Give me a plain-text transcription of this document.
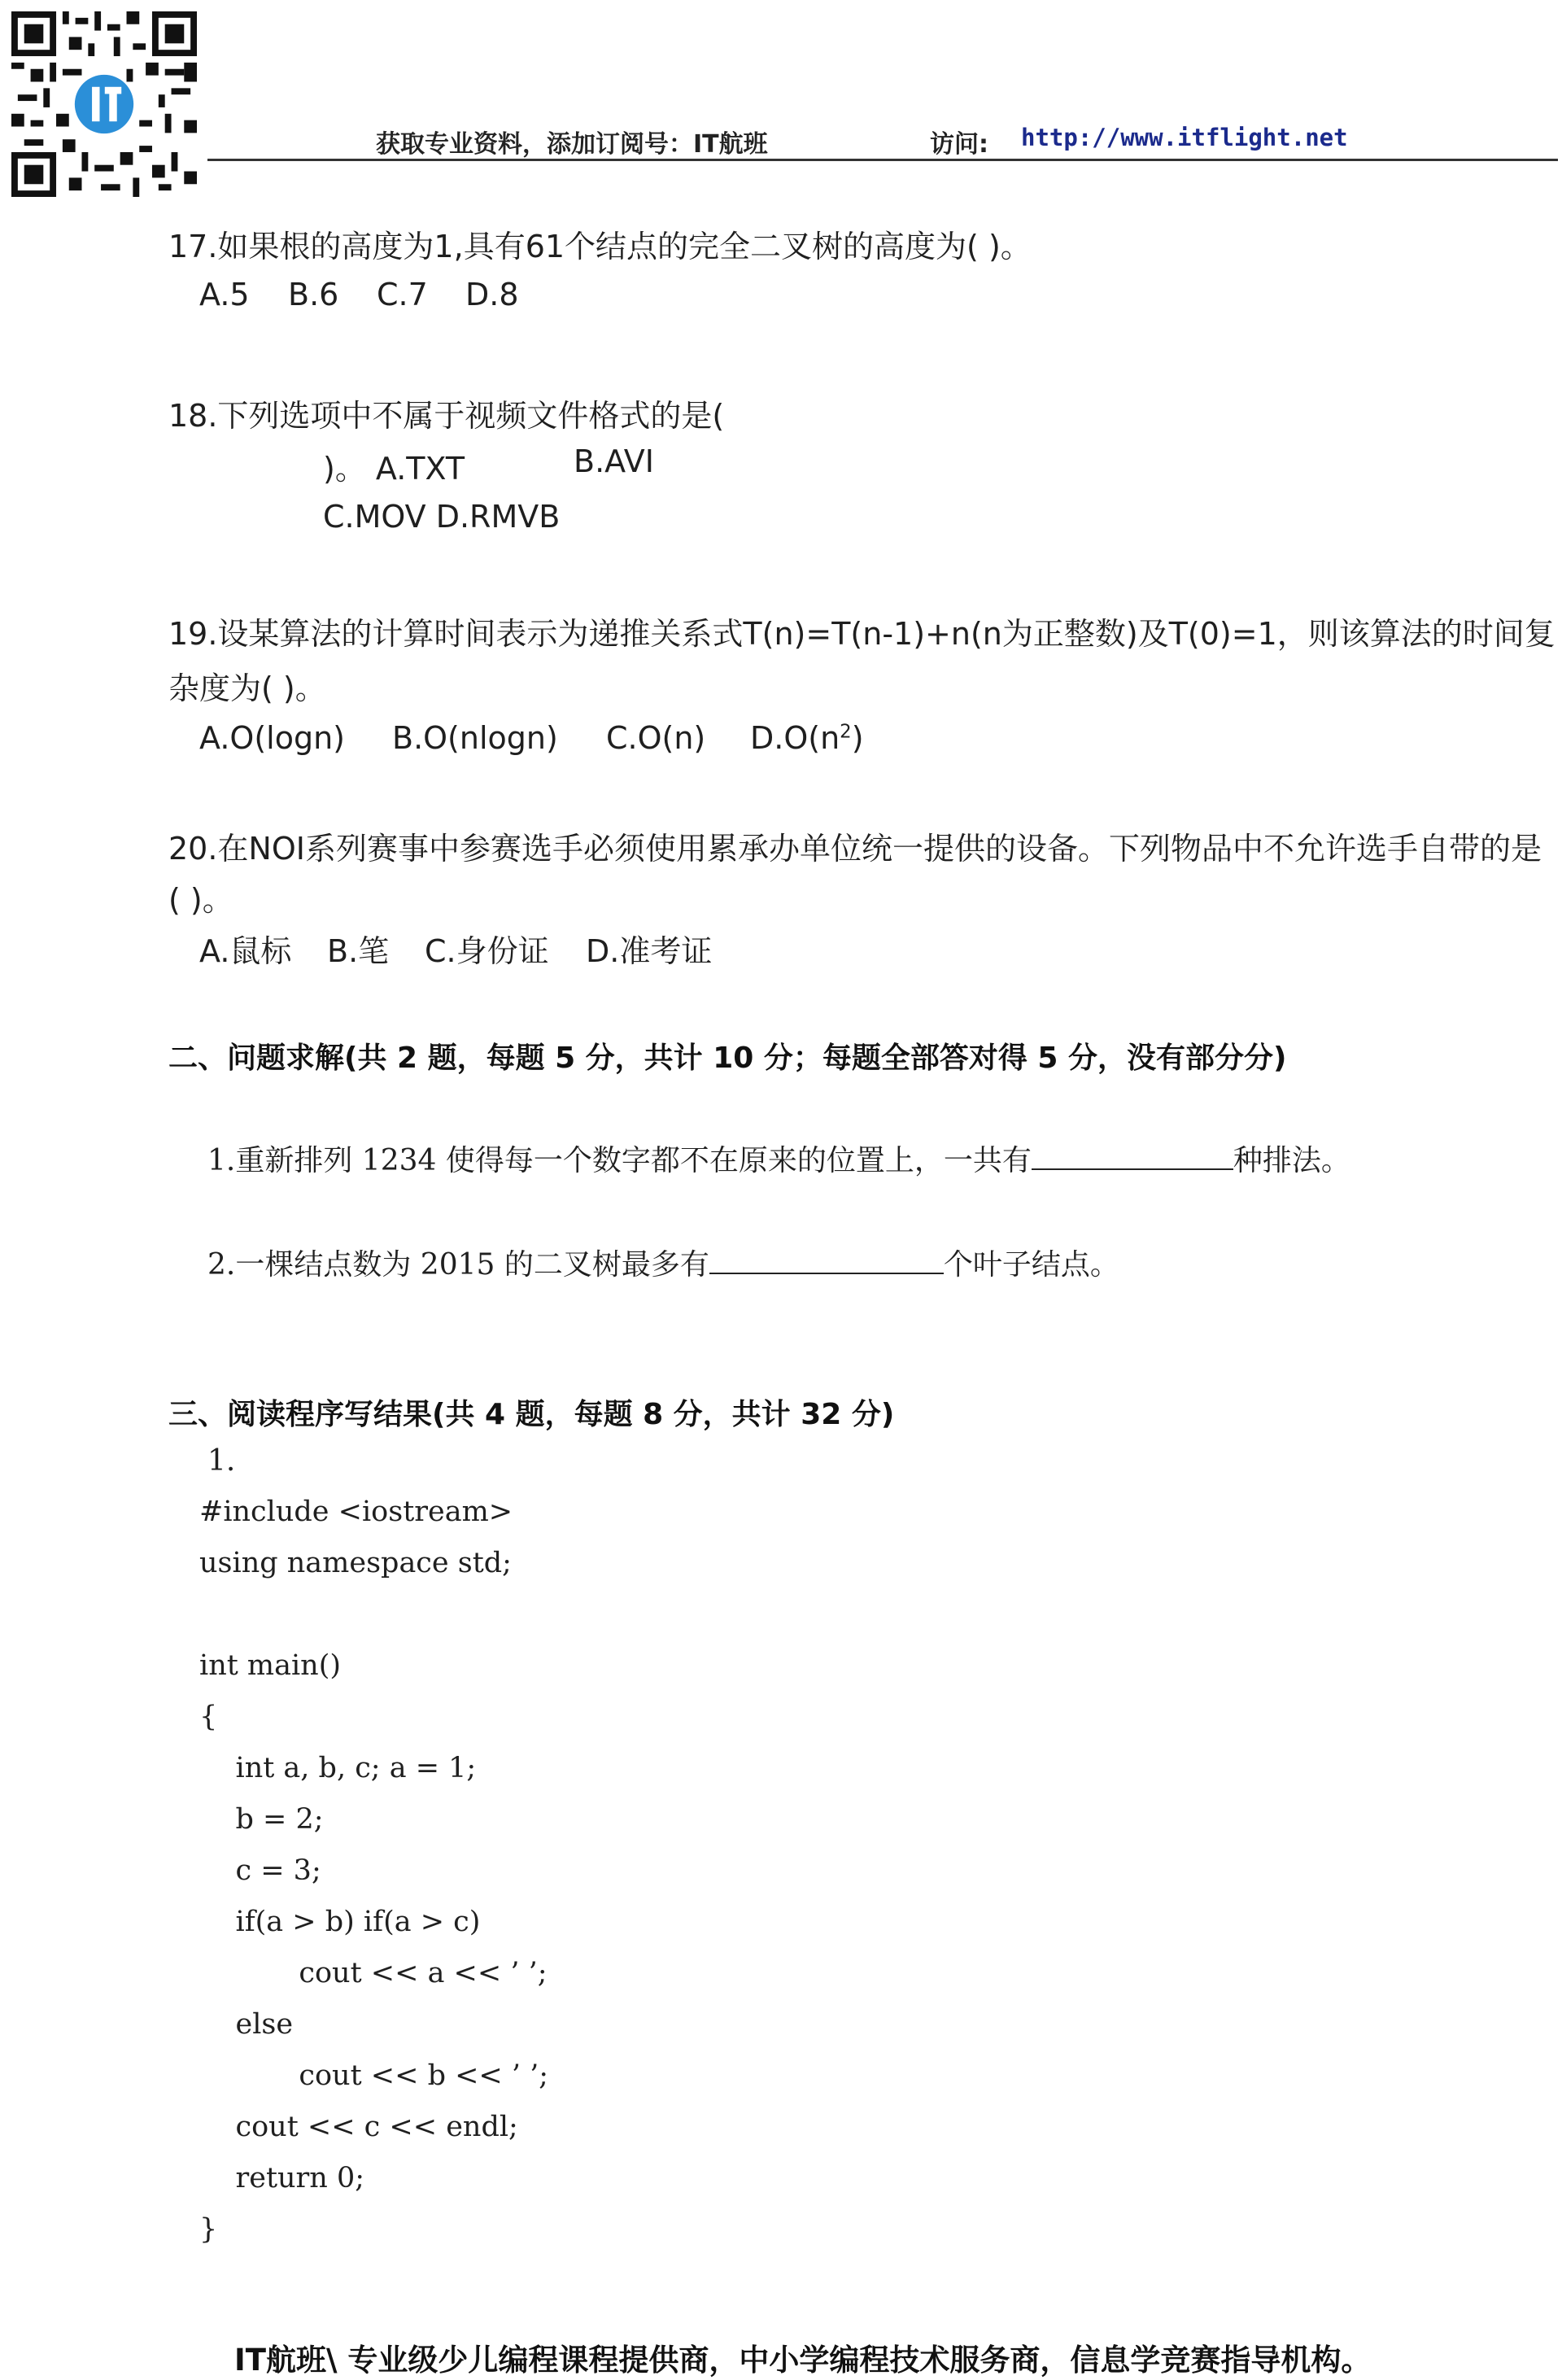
获取专业资料，添加订阅号：IT航班	访问: http://www.itflight.net
17.如果根的高度为1,具有61个结点的完全二叉树的高度为( )。
A.5 B.6 C.7 D.8
18.下列选项中不属于视频文件格式的是(
)。 A.TXT	B.AVI
C.MOV D.RMVB
19.设某算法的计算时间表示为递推关系式T(n)=T(n-1)+n(n为正整数)及T(0)=1，则该算法的时间复
杂度为( )。
A.O(logn) B.O(nlogn) C.O(n) $D.O(n^2)$
20.在NOI系列赛事中参赛选手必须使用累承办单位统一提供的设备。下列物品中不允许选手自带的是
( )。
A.鼠标 B.笔 C.身份证 D.准考证
二、问题求解(共 2 题，每题 5 分，共计 10 分；每题全部答对得 5 分，没有部分分)
1.重新排列 1234 使得每一个数字都不在原来的位置上，一共有	种排法。
2.一棵结点数为 2015 的二叉树最多有	个叶子结点。
三、阅读程序写结果(共 4 题，每题 8 分，共计 32 分)
1.
#include <iostream>
using namespace std;
int main()
{
int a, b, c; a = 1;
b = 2;
c = 3;
if(a > b) if(a > c)
cout << a << ’ ’;
else
cout << b << ’ ’;
cout << c << endl;
return 0;
}
IT航班\ 专业级少儿编程课程提供商，中小学编程技术服务商，信息学竞赛指导机构。
